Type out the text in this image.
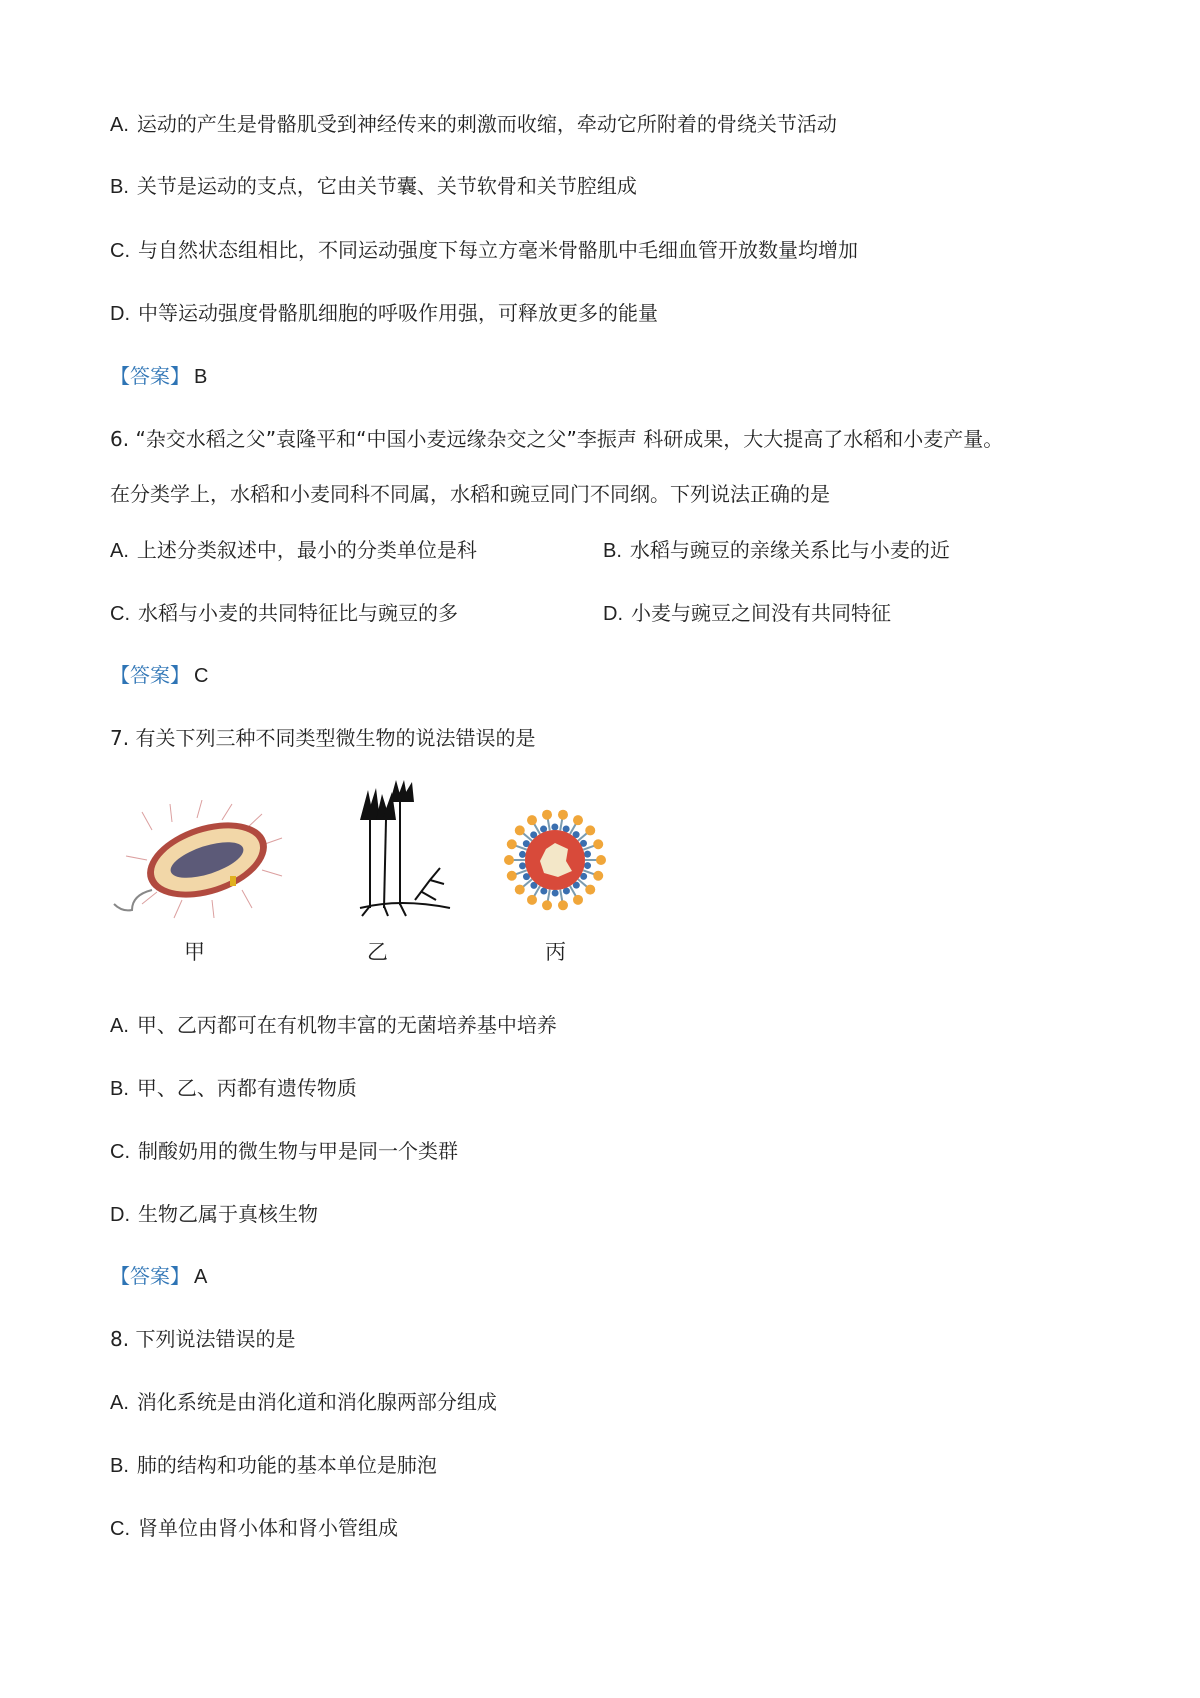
A. 运动的产生是骨骼肌受到神经传来的刺激而收缩，牵动它所附着的骨绕关节活动
B. 关节是运动的支点，它由关节囊、关节软骨和关节腔组成
C. 与自然状态组相比，不同运动强度下每立方毫米骨骼肌中毛细血管开放数量均增加
D. 中等运动强度骨骼肌细胞的呼吸作用强，可释放更多的能量
【答案】 B
6. “杂交水稻之父”袁隆平和“中国小麦远缘杂交之父”李振声 科研成果，大大提高了水稻和小麦产量。
在分类学上，水稻和小麦同科不同属，水稻和豌豆同门不同纲。下列说法正确的是
A. 上述分类叙述中，最小的分类单位是科	B. 水稻与豌豆的亲缘关系比与小麦的近
C. 水稻与小麦的共同特征比与豌豆的多	D. 小麦与豌豆之间没有共同特征
【答案】 C
7. 有关下列三种不同类型微生物的说法错误的是
甲	乙	丙
A. 甲、乙丙都可在有机物丰富的无菌培养基中培养
B. 甲、乙、丙都有遗传物质
C. 制酸奶用的微生物与甲是同一个类群
D. 生物乙属于真核生物
【答案】 A
8. 下列说法错误的是
A. 消化系统是由消化道和消化腺两部分组成
B. 肺的结构和功能的基本单位是肺泡
C. 肾单位由肾小体和肾小管组成
